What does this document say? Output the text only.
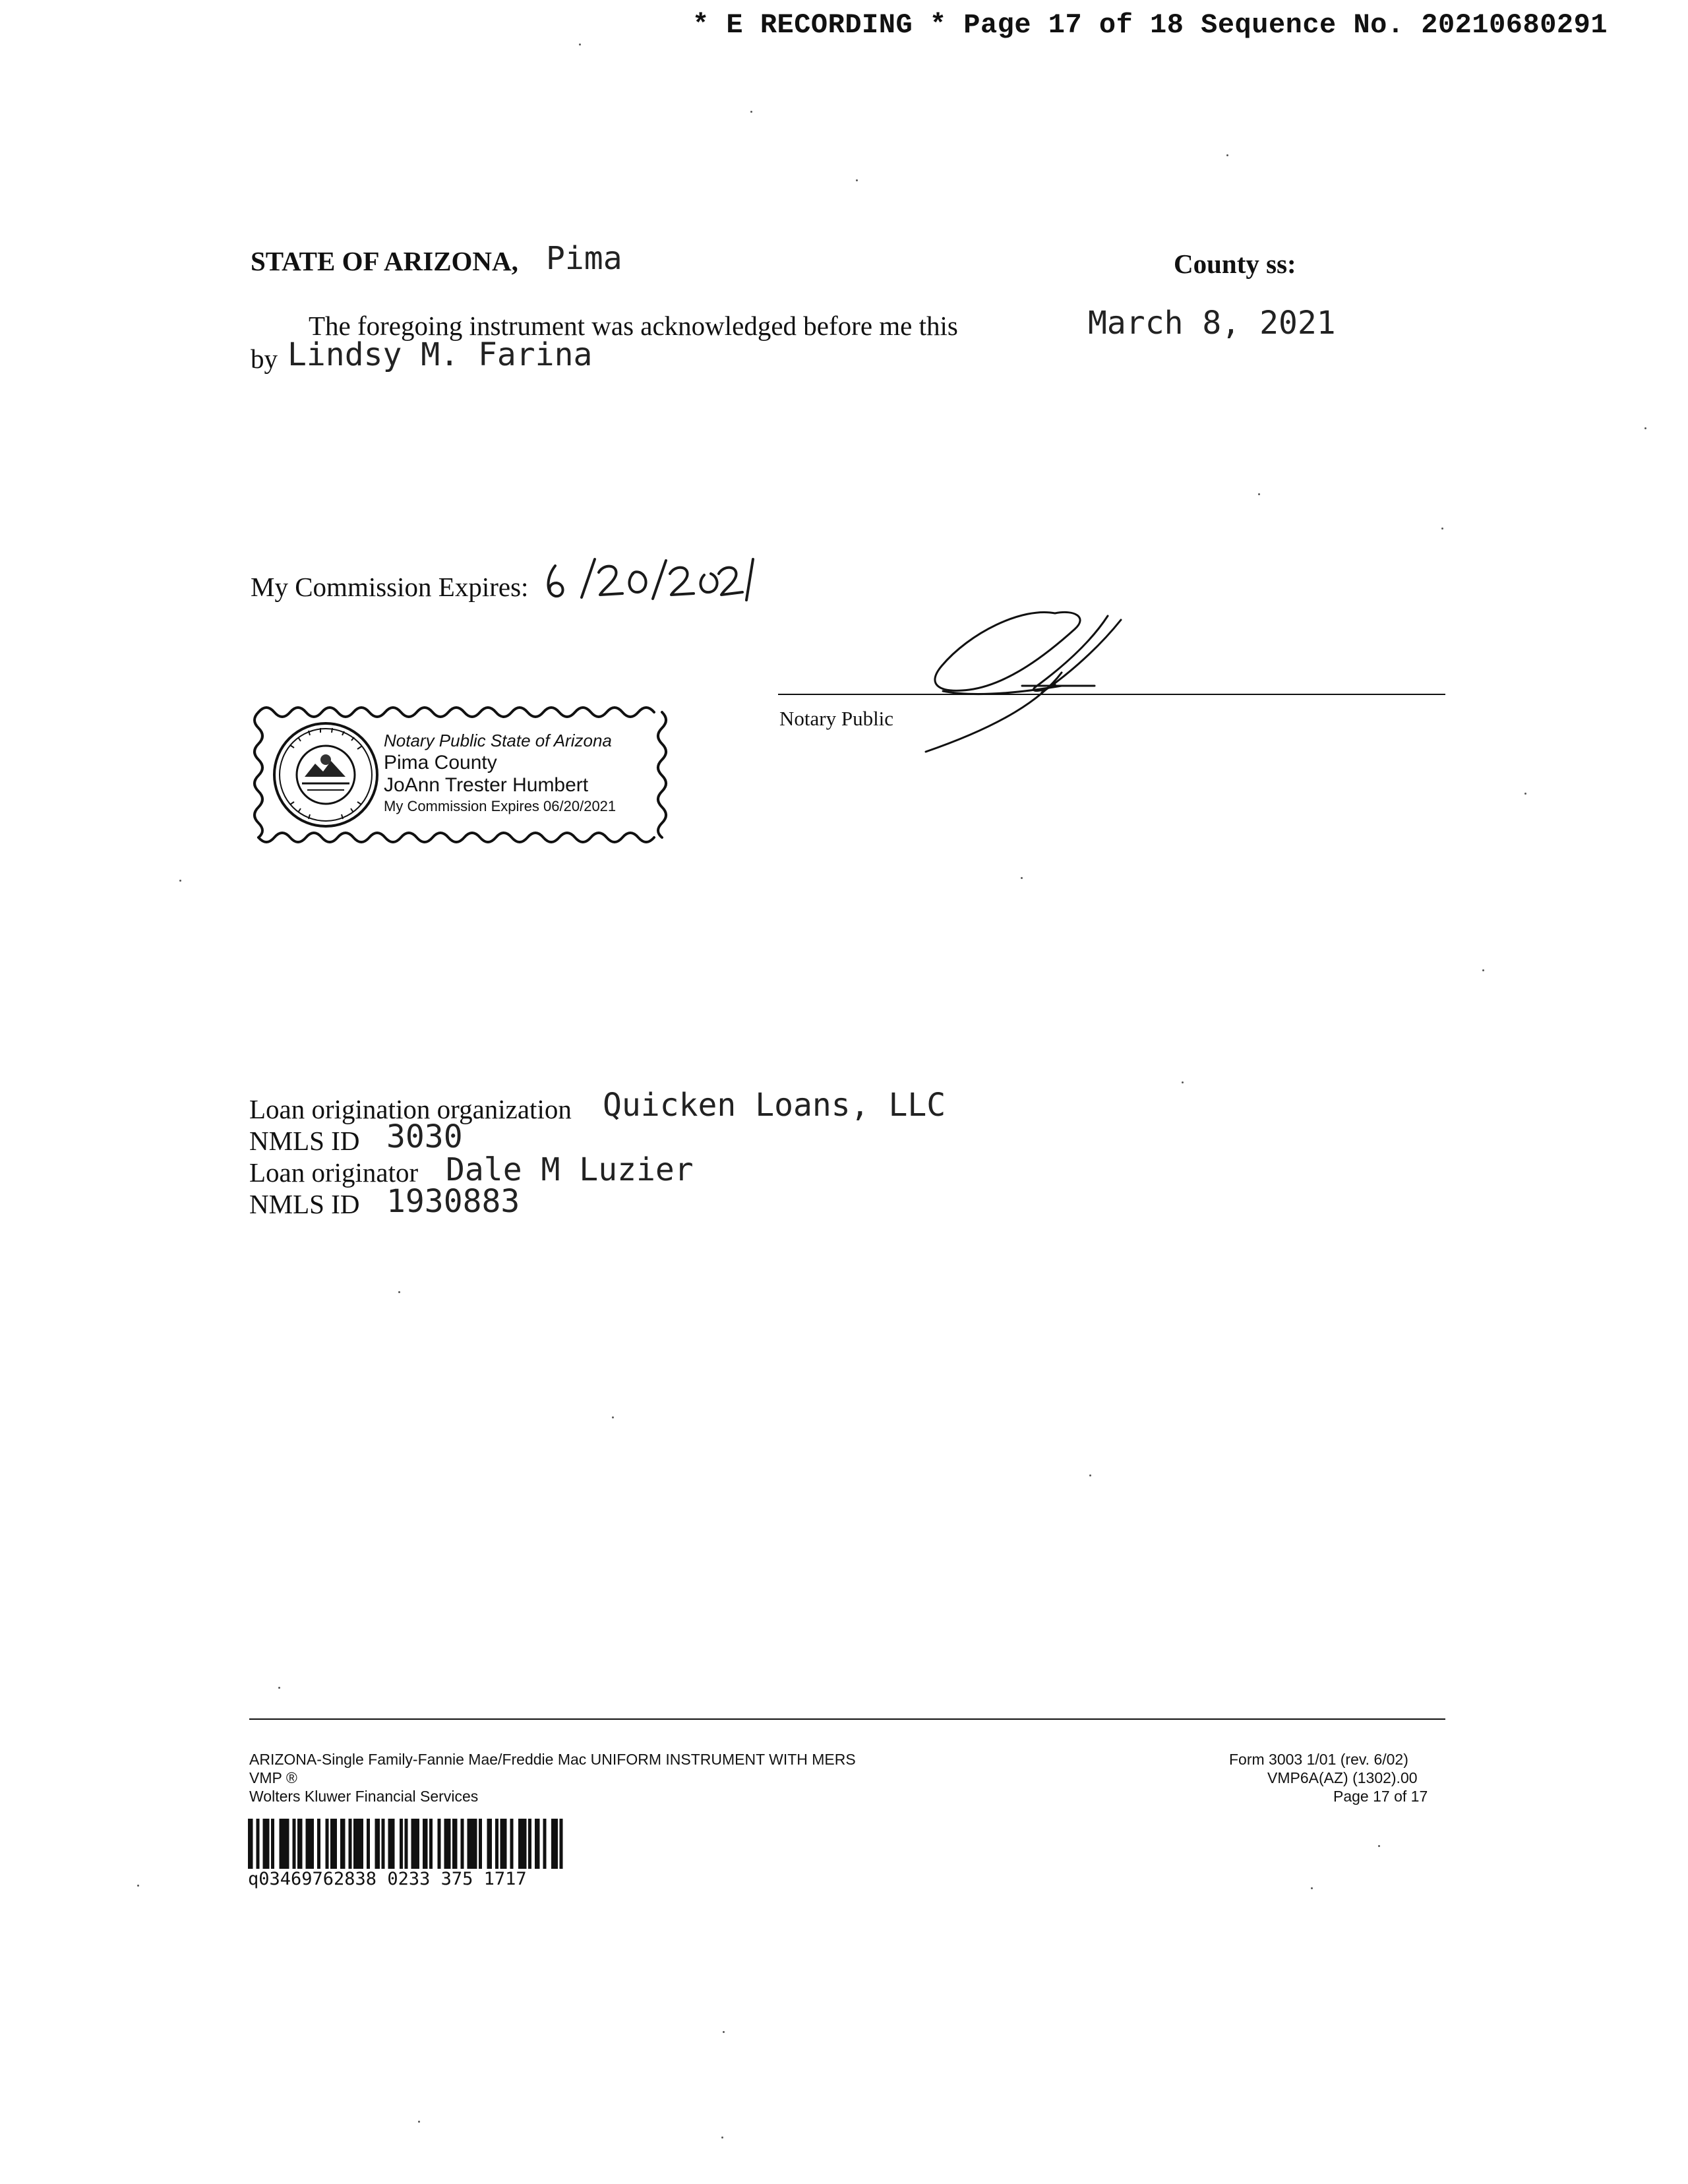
* E RECORDING * Page 17 of 18 Sequence No. 20210680291
STATE OF ARIZONA, Pima	County ss:
The foregoing instrument was acknowledged before me this	March 8, 2021
by Lindsy M. Farina
My Commission Expires:
Notary Public
Notary Public State of Arizona
Pima County
JoAnn Trester Humbert
My Commission Expires 06/20/2021
Loan origination organization Quicken Loans, LLC
NMLS ID 3030
Loan originator Dale M Luzier
NMLS ID 1930883
ARIZONA-Single Family-Fannie Mae/Freddie Mac UNIFORM INSTRUMENT WITH MERS
VMP ®
Wolters Kluwer Financial Services
Form 3003 1/01 (rev. 6/02)
VMP6A(AZ) (1302).00
Page 17 of 17
q03469762838 0233 375 1717
